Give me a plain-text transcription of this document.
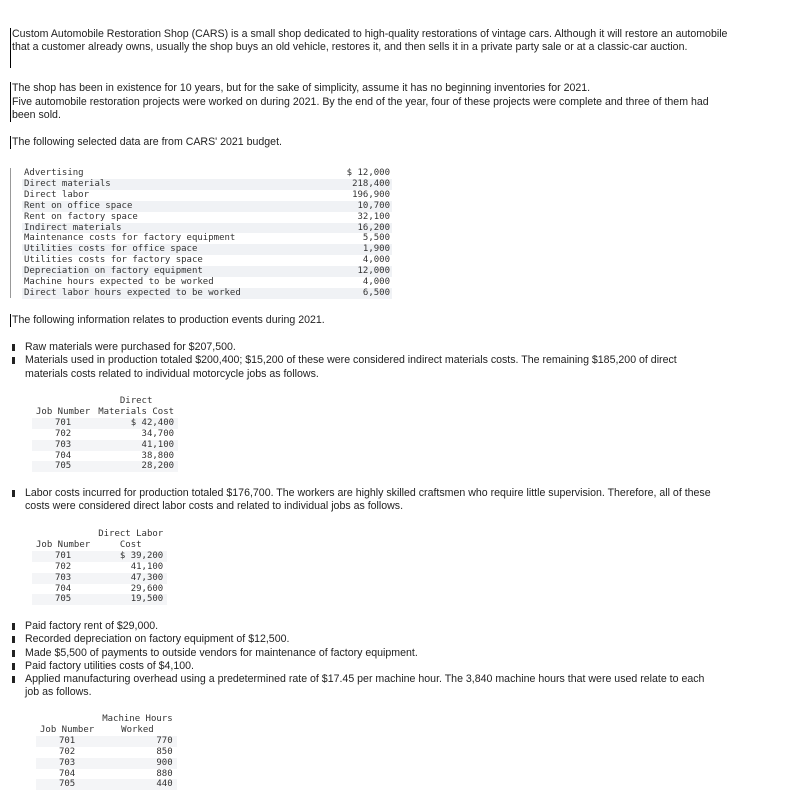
Custom Automobile Restoration Shop (CARS) is a small shop dedicated to high-quality restorations of vintage cars. Although it will restore an automobile that a customer already owns, usually the shop buys an old vehicle, restores it, and then sells it in a private party sale or at a classic-car auction.

The shop has been in existence for 10 years, but for the sake of simplicity, assume it has no beginning inventories for 2021.

Five automobile restoration projects were worked on during 2021. By the end of the year, four of these projects were complete and three of them had been sold.

The following selected data are from CARS' 2021 budget.

Advertising	$ 12,000
Direct materials	218,400
Direct labor	196,900
Rent on office space	10,700
Rent on factory space	32,100
Indirect materials	16,200
Maintenance costs for factory equipment	5,500
Utilities costs for office space	1,900
Utilities costs for factory space	4,000
Depreciation on factory equipment	12,000
Machine hours expected to be worked	4,000
Direct labor hours expected to be worked	6,500

The following information relates to production events during 2021.

Raw materials were purchased for $207,500.
Materials used in production totaled $200,400; $15,200 of these were considered indirect materials costs. The remaining $185,200 of direct materials costs related to individual motorcycle jobs as follows.
Job Number	Direct
	Materials Cost
701	$ 42,400
702	34,700
703	41,100
704	38,800
705	28,200
Labor costs incurred for production totaled $176,700. The workers are highly skilled craftsmen who require little supervision. Therefore, all of these costs were considered direct labor costs and related to individual jobs as follows.
Job Number	Direct Labor
	Cost
701	$ 39,200
702	41,100
703	47,300
704	29,600
705	19,500
Paid factory rent of $29,000.
Recorded depreciation on factory equipment of $12,500.
Made $5,500 of payments to outside vendors for maintenance of factory equipment.
Paid factory utilities costs of $4,100.
Applied manufacturing overhead using a predetermined rate of $17.45 per machine hour. The 3,840 machine hours that were used relate to each job as follows.
Job Number	Machine Hours
	Worked
701	770
702	850
703	900
704	880
705	440
